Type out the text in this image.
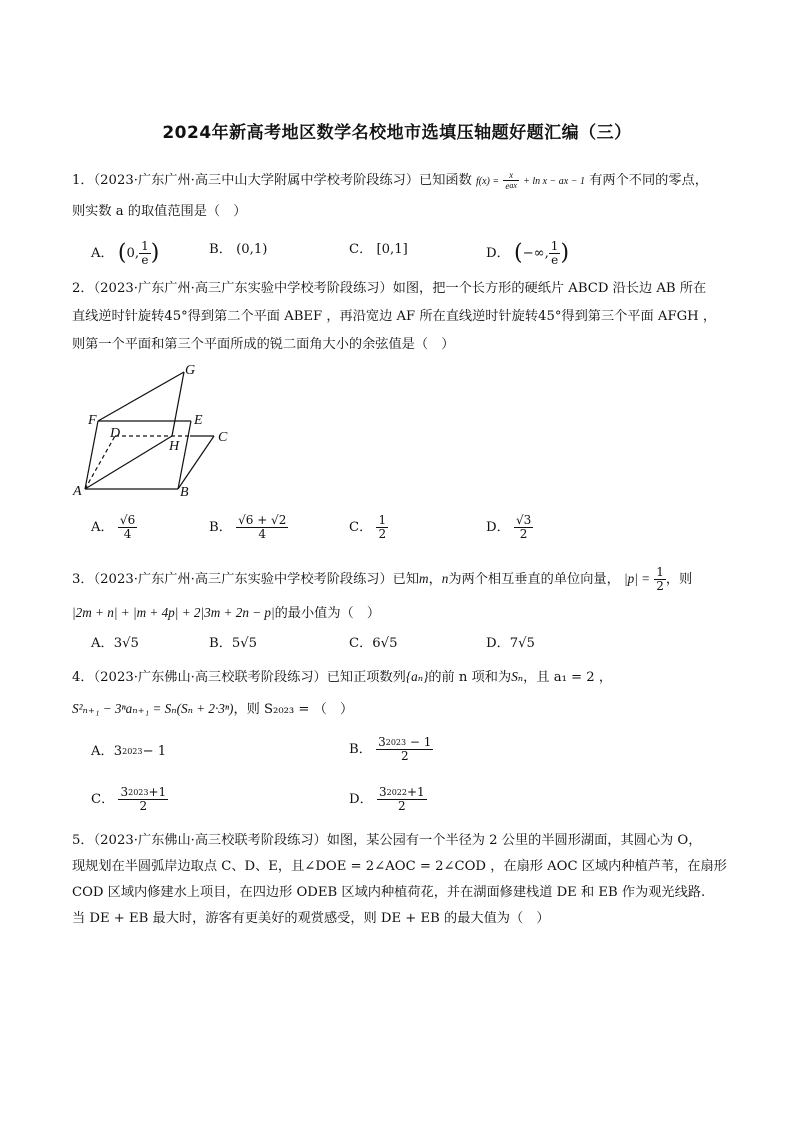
2024年新高考地区数学名校地市选填压轴题好题汇编（三）
1．（2023·广东广州·高三中山大学附属中学校考阶段练习）已知函数 $f(x) = \frac{x}{\text{eax}} + \ln x$ − ax − 1 有两个不同的零点，
则实数 a 的取值范围是（　）
A． (0, $\frac{1}{e}$ )	B． (0,1)	C． [0,1]	D． (−∞, $\frac{1}{e}$ )
2．（2023·广东广州·高三广东实验中学校考阶段练习）如图，把一个长方形的硬纸片 ABCD 沿长边 AB 所在
直线逆时针旋转45°得到第二个平面 ABEF ，再沿宽边 AF 所在直线逆时针旋转45°得到第三个平面 AFGH ，
则第一个平面和第三个平面所成的锐二面角大小的余弦值是（　）
G
F	E
D	C
H
A	B
A． $\frac{√6}{4}$	B． $\frac{√6 + √2}{4}$	C． $\frac{1}{2}$	D． $\frac{√3}{2}$
3．（2023·广东广州·高三广东实验中学校考阶段练习）已知m，n为两个相互垂直的单位向量， $|p| = \frac{1}{2}$ ，则
|2m + n| + |m + 4p| + 2|3m + 2n − p|的最小值为（　）
A．3√5	B．5√5	C．6√5	D．7√5
4．（2023·广东佛山·高三校联考阶段练习）已知正项数列{aₙ}的前 n 项和为Sₙ，且 a₁ = 2 ，
S²ₙ₊₁ − 3ⁿaₙ₊₁ = Sₙ(Sₙ + 2·3ⁿ)，则 S₂₀₂₃ = （　）
A．$3^{2023}- 1$	B． $\frac{3^{2023} - 1}{2}$
C． $\frac{3^{2023}+1}{2}$	D． $\frac{3^{2022}+1}{2}$
5．（2023·广东佛山·高三校联考阶段练习）如图，某公园有一个半径为 2 公里的半圆形湖面，其圆心为 O，
现规划在半圆弧岸边取点 C、D、E，且∠DOE = 2∠AOC = 2∠COD ，在扇形 AOC 区域内种植芦苇，在扇形
COD 区域内修建水上项目，在四边形 ODEB 区域内种植荷花，并在湖面修建栈道 DE 和 EB 作为观光线路.
当 DE + EB 最大时，游客有更美好的观赏感受，则 DE + EB 的最大值为（　）
